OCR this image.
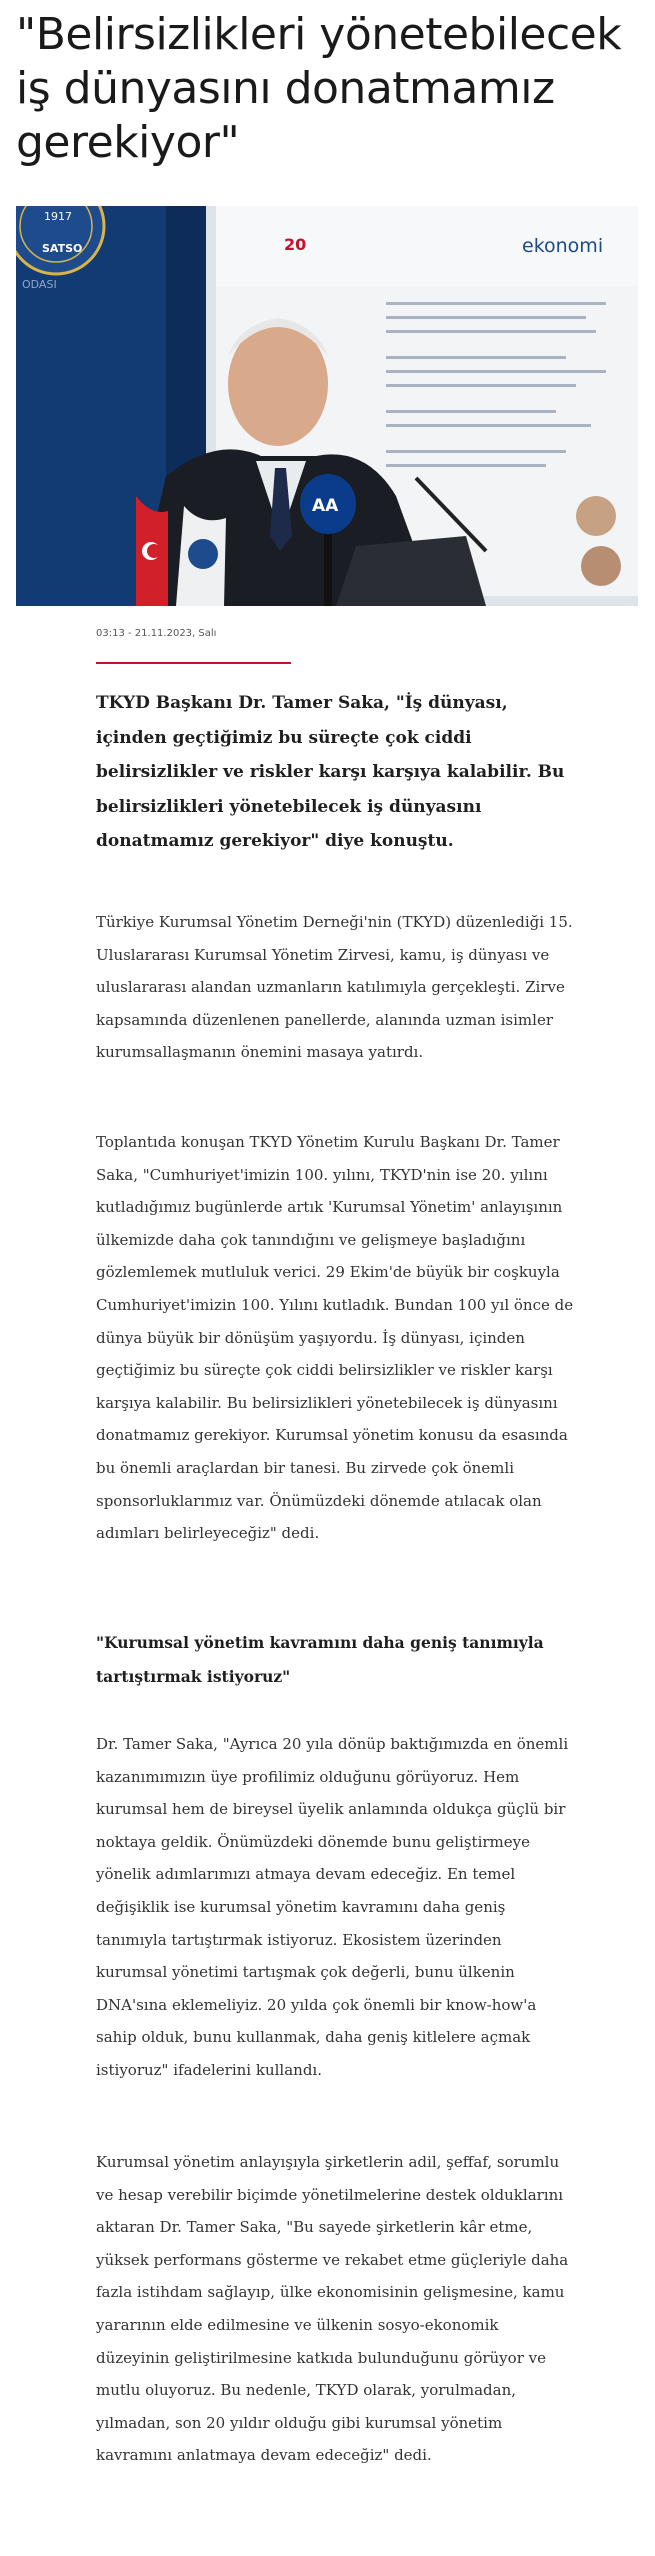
"Belirsizlikleri yönetebilecek iş dünyasını donatmamız gerekiyor"
1917
SATSO
ODASI
20	ekonomi
AA
03:13 - 21.11.2023, Salı

TKYD Başkanı Dr. Tamer Saka, "İş dünyası, içinden geçtiğimiz bu süreçte çok ciddi belirsizlikler ve riskler karşı karşıya kalabilir. Bu belirsizlikleri yönetebilecek iş dünyasını donatmamız gerekiyor" diye konuştu.

Türkiye Kurumsal Yönetim Derneği'nin (TKYD) düzenlediği 15. Uluslararası Kurumsal Yönetim Zirvesi, kamu, iş dünyası ve uluslararası alandan uzmanların katılımıyla gerçekleşti. Zirve kapsamında düzenlenen panellerde, alanında uzman isimler kurumsallaşmanın önemini masaya yatırdı.

Toplantıda konuşan TKYD Yönetim Kurulu Başkanı Dr. Tamer Saka, "Cumhuriyet'imizin 100. yılını, TKYD'nin ise 20. yılını kutladığımız bugünlerde artık 'Kurumsal Yönetim' anlayışının ülkemizde daha çok tanındığını ve gelişmeye başladığını gözlemlemek mutluluk verici. 29 Ekim'de büyük bir coşkuyla Cumhuriyet'imizin 100. Yılını kutladık. Bundan 100 yıl önce de dünya büyük bir dönüşüm yaşıyordu. İş dünyası, içinden geçtiğimiz bu süreçte çok ciddi belirsizlikler ve riskler karşı karşıya kalabilir. Bu belirsizlikleri yönetebilecek iş dünyasını donatmamız gerekiyor. Kurumsal yönetim konusu da esasında bu önemli araçlardan bir tanesi. Bu zirvede çok önemli sponsorluklarımız var. Önümüzdeki dönemde atılacak olan adımları belirleyeceğiz" dedi.

"Kurumsal yönetim kavramını daha geniş tanımıyla tartıştırmak istiyoruz"

Dr. Tamer Saka, "Ayrıca 20 yıla dönüp baktığımızda en önemli kazanımımızın üye profilimiz olduğunu görüyoruz. Hem kurumsal hem de bireysel üyelik anlamında oldukça güçlü bir noktaya geldik. Önümüzdeki dönemde bunu geliştirmeye yönelik adımlarımızı atmaya devam edeceğiz. En temel değişiklik ise kurumsal yönetim kavramını daha geniş tanımıyla tartıştırmak istiyoruz. Ekosistem üzerinden kurumsal yönetimi tartışmak çok değerli, bunu ülkenin DNA'sına eklemeliyiz. 20 yılda çok önemli bir know-how'a sahip olduk, bunu kullanmak, daha geniş kitlelere açmak istiyoruz" ifadelerini kullandı.

Kurumsal yönetim anlayışıyla şirketlerin adil, şeffaf, sorumlu ve hesap verebilir biçimde yönetilmelerine destek olduklarını aktaran Dr. Tamer Saka, "Bu sayede şirketlerin kâr etme, yüksek performans gösterme ve rekabet etme güçleriyle daha fazla istihdam sağlayıp, ülke ekonomisinin gelişmesine, kamu yararının elde edilmesine ve ülkenin sosyo-ekonomik düzeyinin geliştirilmesine katkıda bulunduğunu görüyor ve mutlu oluyoruz. Bu nedenle, TKYD olarak, yorulmadan, yılmadan, son 20 yıldır olduğu gibi kurumsal yönetim kavramını anlatmaya devam edeceğiz" dedi.
